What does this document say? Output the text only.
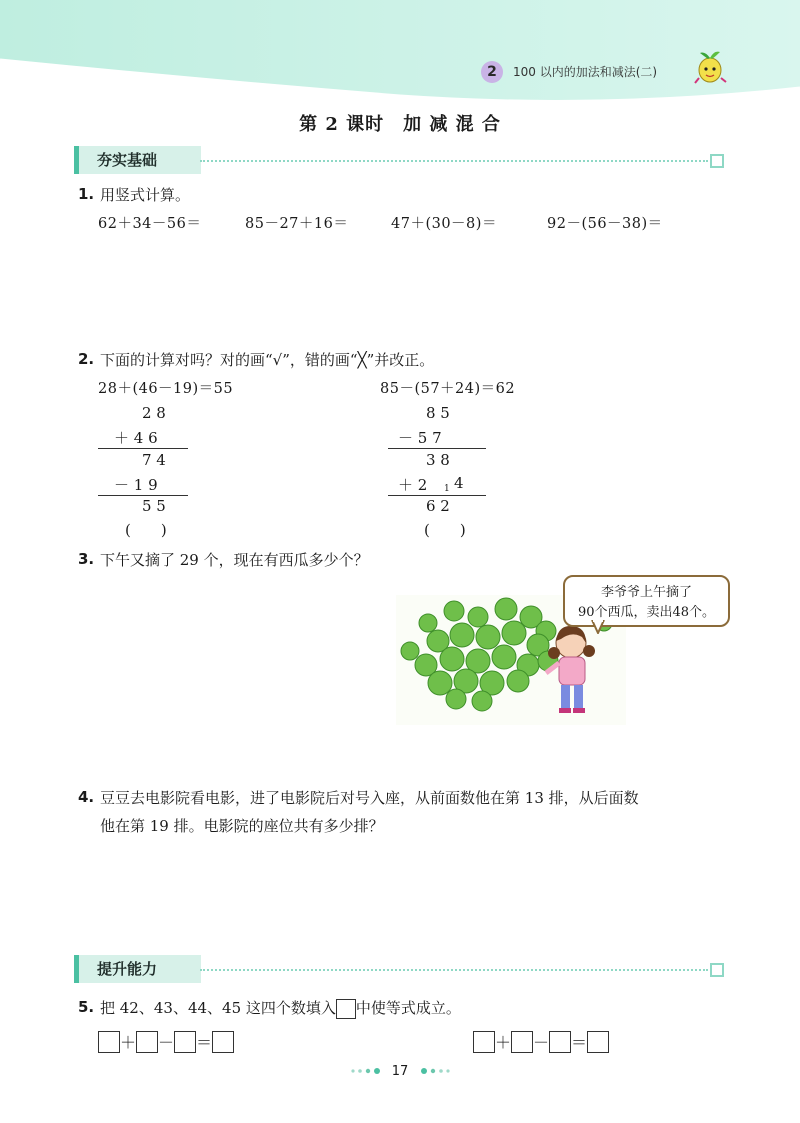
2	100 以内的加法和减法(二)
第 2 课时　加 减 混 合
夯实基础
1. 用竖式计算。
62＋34－56＝	85－27＋16＝	47＋(30－8)＝	92－(56－38)＝
2. 下面的计算对吗？对的画“√”，错的画“╳”并改正。
28＋(46－19)＝55	85－(57＋24)＝62
2 8
＋ 4 6
7 4
－ 1 9
5 5
(　　)
8 5
－ 5 7
3 8
＋ 2 1 4
6 2
(　　)
3. 下午又摘了 29 个，现在有西瓜多少个？
李爷爷上午摘了
90个西瓜，卖出48个。
4. 豆豆去电影院看电影，进了电影院后对号入座，从前面数他在第 13 排，从后面数
他在第 19 排。电影院的座位共有多少排？
提升能力
5. 把 42、43、44、45 这四个数填入 中使等式成立。
＋ － ＝	＋ － ＝
17
